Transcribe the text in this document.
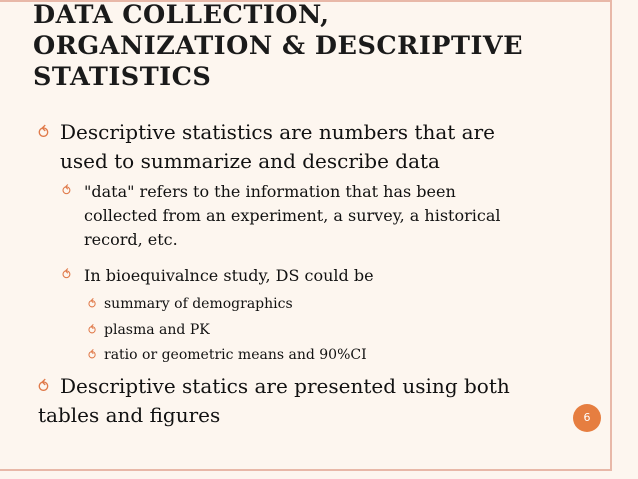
DATA COLLECTION,
ORGANIZATION & DESCRIPTIVE
STATISTICS
⥀ Descriptive statistics are numbers that are
used to summarize and describe data
⥀ "data" refers to the information that has been
collected from an experiment, a survey, a historical
record, etc.
⥀ In bioequivalnce study, DS could be
⥀ summary of demographics
⥀ plasma and PK
⥀ ratio or geometric means and 90%CI
⥀ Descriptive statics are presented using both
tables and figures	6
